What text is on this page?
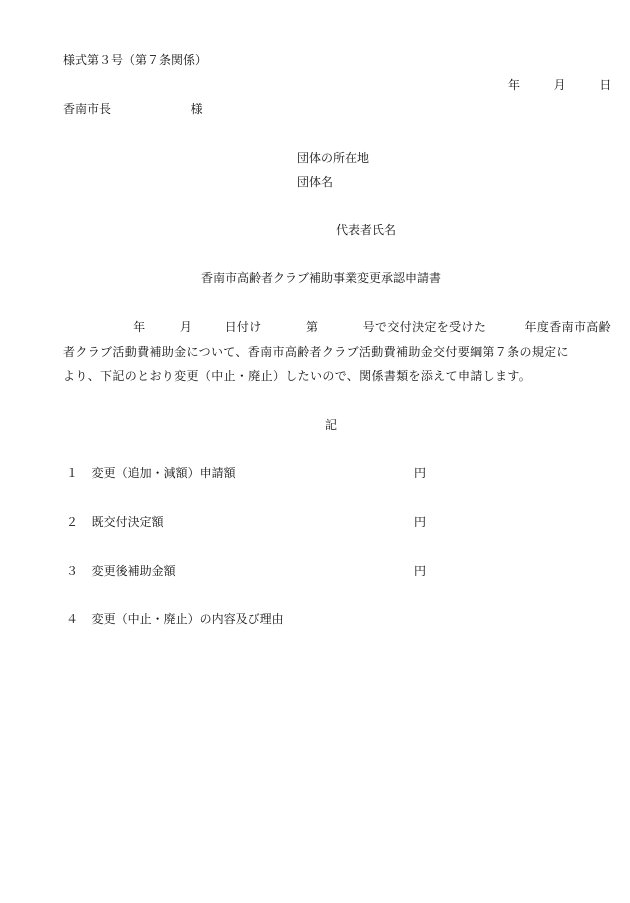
様式第３号（第７条関係）
年	月	日
香南市長	様
団体の所在地
団体名
代表者氏名
香南市高齢者クラブ補助事業変更承認申請書
年	月	日付け	第	号で交付決定を受けた	年度香南市高齢
者クラブ活動費補助金について、香南市高齢者クラブ活動費補助金交付要綱第７条の規定に
より、下記のとおり変更（中止・廃止）したいので、関係書類を添えて申請します。
記
１ 変更（追加・減額）申請額	円
２ 既交付決定額	円
３ 変更後補助金額	円
４ 変更（中止・廃止）の内容及び理由
